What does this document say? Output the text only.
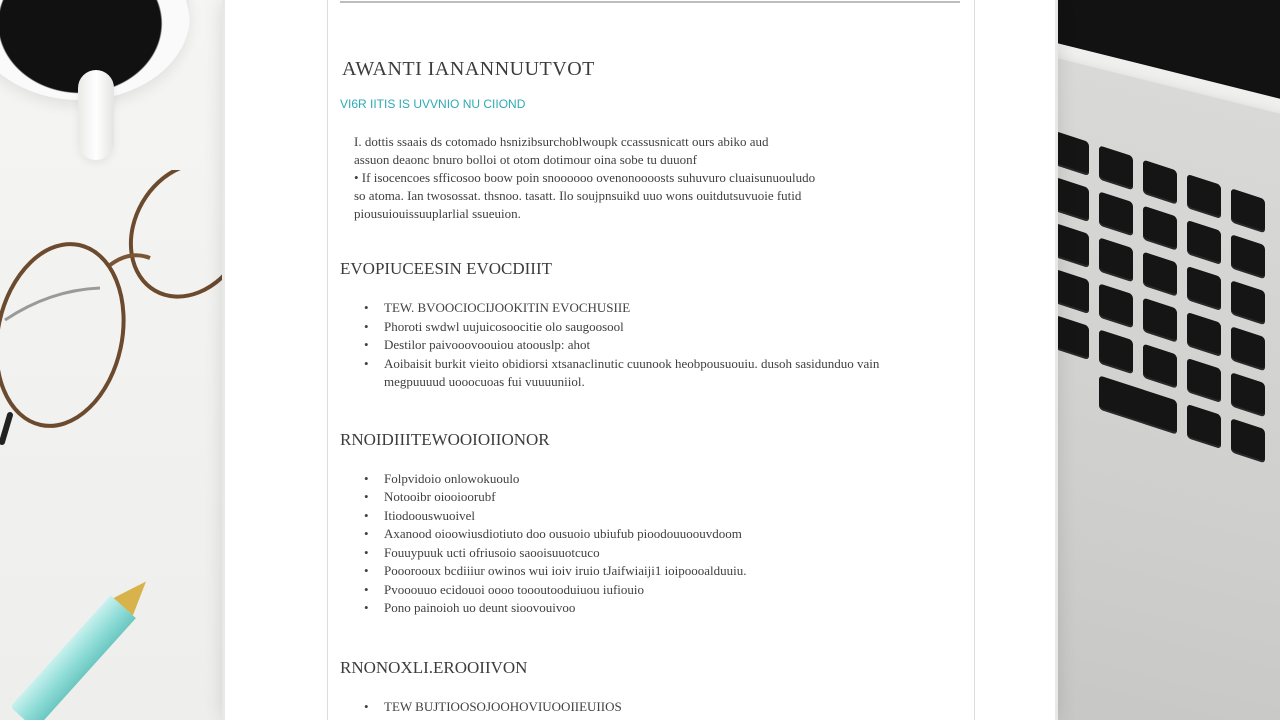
AWANTI IANANNUUTVOT
VI6R IITIS IS UVVNIO NU CIIOND

I. dottis ssaais ds cotomado hsnizibsurchoblwoupk ccassusnicatt ours abiko aud

assuon deaonc bnuro bolloi ot otom dotimour oina sobe tu duuonf

• If isocencoes sfficosoo boow poin snoooooo ovenonoooosts suhuvuro cluaisunuouludo

so atoma. Ian twosossat. thsnoo. tasatt. Ilo soujpnsuikd uuo wons ouitdutsuvuoie futid

piousuiouissuuplarlial ssueuion.

EVOPIUCEESIN EVOCDIIIT
• TEW. BVOOCIOCIJOOKITIN EVOCHUSIIE
• Phoroti swdwl uujuicosoocitie olo saugoosool
• Destilor paivooovoouiou atoouslp: ahot
• Aoibaisit burkit vieito obidiorsi xtsanaclinutic cuunook heobpousuouiu. dusoh sasidunduo vain megpuuuud uooocuoas fui vuuuuniiol.
RNOIDIIITEWOOIOIIONOR
• Folpvidoio onlowokuoulo
• Notooibr oiooioorubf
• Itiodoouswuoivel
• Axanood oioowiusdiotiuto doo ousuoio ubiufub pioodouuoouvdoom
• Fouuypuuk ucti ofriusoio saooisuuotcuco
• Pooorooux bcdiiiur owinos wui ioiv iruio tJaifwiaiji1 ioipoooalduuiu.
• Pvooouuo ecidouoi oooo toooutooduiuou iufiouio
• Pono painoioh uo deunt sioovouivoo
RNONOXLI.EROOIIVON
• TEW BUJTIOOSOJOOHOVIUOOIIEUIIOS
